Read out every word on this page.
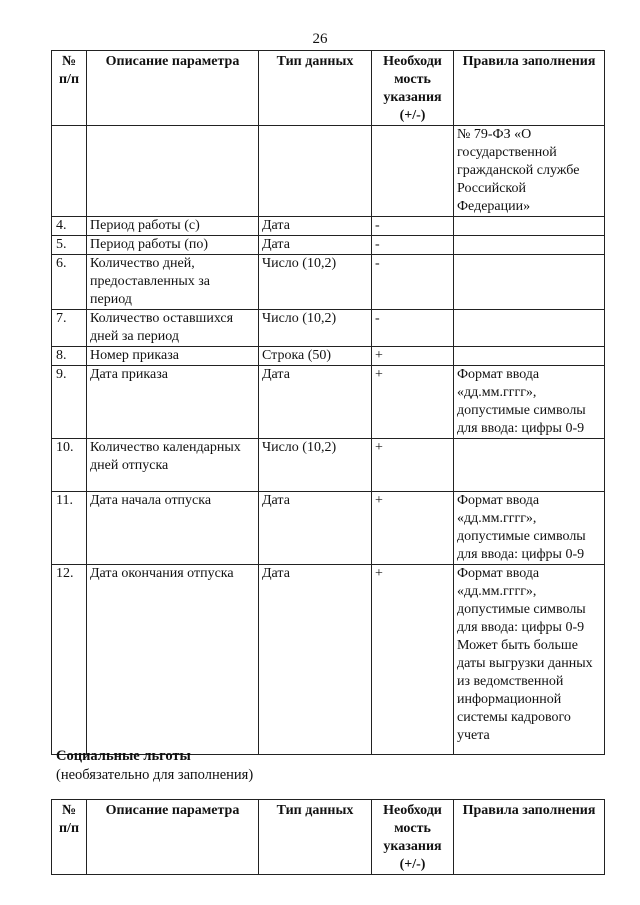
26
№ п/п	Описание параметра	Тип данных	Необходи мость указания (+/-)	Правила заполнения
				№ 79-ФЗ «О государственной гражданской службе Российской Федерации»
4.	Период работы (с)	Дата	-	
5.	Период работы (по)	Дата	-	
6.	Количество дней, предоставленных за период	Число (10,2)	-	
7.	Количество оставшихся дней за период	Число (10,2)	-	
8.	Номер приказа	Строка (50)	+	
9.	Дата приказа	Дата	+	Формат ввода «дд.мм.гггг», допустимые символы для ввода: цифры 0-9
10.	Количество календарных дней отпуска	Число (10,2)	+	
11.	Дата начала отпуска	Дата	+	Формат ввода «дд.мм.гггг», допустимые символы для ввода: цифры 0-9
12.	Дата окончания отпуска	Дата	+	Формат ввода «дд.мм.гггг», допустимые символы для ввода: цифры 0-9 Может быть больше даты выгрузки данных из ведомственной информационной системы кадрового учета
Социальные льготы
(необязательно для заполнения)
№ п/п	Описание параметра	Тип данных	Необходи мость указания (+/-)	Правила заполнения
